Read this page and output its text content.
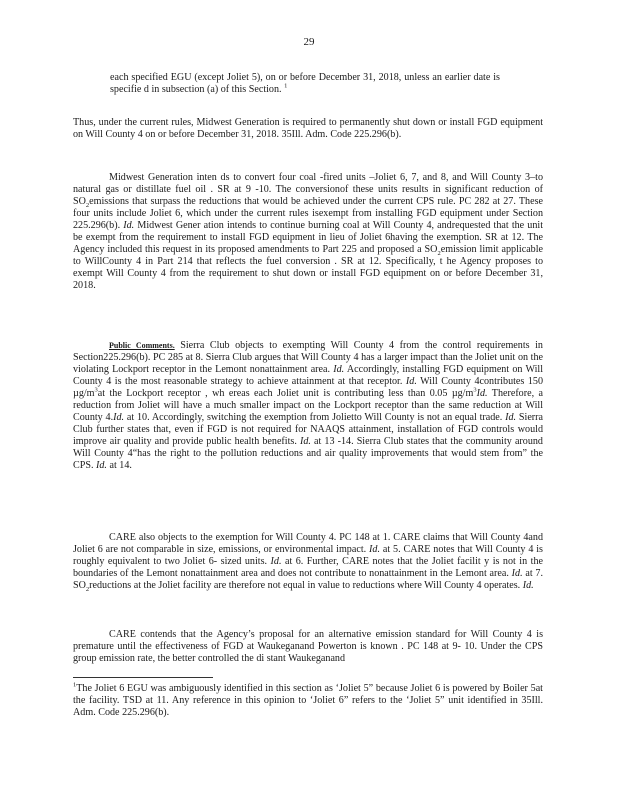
29

each specified EGU (except Joliet 5), on or before December 31, 2018, unless an earlier date is specifie d in subsection (a) of this Section. $^1$

Thus, under the current rules, Midwest Generation is required to permanently shut down or install FGD equipment on Will County 4 on or before December 31, 2018. 35Ill. Adm. Code 225.296(b).

Midwest Generation inten ds to convert four coal -fired units –Joliet 6, 7, and 8, and Will County 3–to natural gas or distillate fuel oil . SR at 9 -10. The conversionof these units results in significant reduction of $SO_2emissions$ that surpass the reductions that would be achieved under the current CPS rule. PC 282 at 27. These four units include Joliet 6, which under the current rules isexempt from installing FGD equipment under Section 225.296(b). Id. Midwest Gener ation intends to continue burning coal at Will County 4, andrequested that the unit be exempt from the requirement to install FGD equipment in lieu of Joliet 6having the exemption. SR at 12. The Agency included this request in its proposed amendments to Part 225 and proposed a $SO_2emission$ limit applicable to WillCounty 4 in Part 214 that reflects the fuel conversion . SR at 12. Specifically, t he Agency proposes to exempt Will County 4 from the requirement to shut down or install FGD equipment on or before December 31, 2018.

Public Comments. Sierra Club objects to exempting Will County 4 from the control requirements in Section225.296(b). PC 285 at 8. Sierra Club argues that Will County 4 has a larger impact than the Joliet unit on the violating Lockport receptor in the Lemont nonattainment area. Id. Accordingly, installing FGD equipment on Will County 4 is the most reasonable strategy to achieve attainment at that receptor. Id. Will County 4contributes 150 $\mu g/m^3at$ the Lockport receptor , wh ereas each Joliet unit is contributing less than 0.05 $\mu g/m^3Id$. Therefore, a reduction from Joliet will have a much smaller impact on the Lockport receptor than the same reduction at Will County 4.Id. at 10. Accordingly, switching the exemption from Jolietto Will County is not an equal trade. Id. Sierra Club further states that, even if FGD is not required for NAAQS attainment, installation of FGD controls would improve air quality and provide public health benefits. Id. at 13 -14. Sierra Club states that the community around Will County 4“has the right to the pollution reductions and air quality improvements that would stem from” the CPS. Id. at 14.

CARE also objects to the exemption for Will County 4. PC 148 at 1. CARE claims that Will County 4and Joliet 6 are not comparable in size, emissions, or environmental impact. Id. at 5. CARE notes that Will County 4 is roughly equivalent to two Joliet 6- sized units. Id. at 6. Further, CARE notes that the Joliet facilit y is not in the boundaries of the Lemont nonattainment area and does not contribute to nonattainment in the Lemont area. Id. at 7. $SO_2reductions$ at the Joliet facility are therefore not equal in value to reductions where Will County 4 operates. Id.

CARE contends that the Agency’s proposal for an alternative emission standard for Will County 4 is premature until the effectiveness of FGD at Waukeganand Powerton is known . PC 148 at 9- 10. Under the CPS group emission rate, the better controlled the di stant Waukeganand

$^1$The Joliet 6 EGU was ambiguously identified in this section as ‘Joliet 5” because Joliet 6 is powered by Boiler 5at the facility. TSD at 11. Any reference in this opinion to ‘Joliet 6” refers to the ‘Joliet 5” unit identified in 35Ill. Adm. Code 225.296(b).
